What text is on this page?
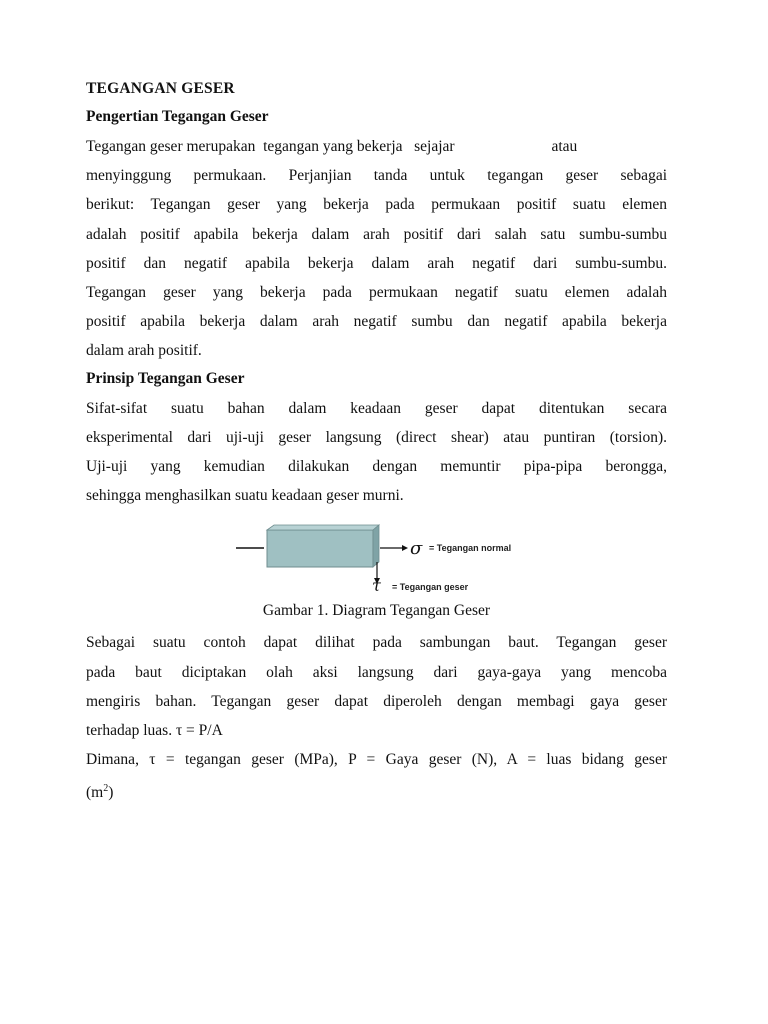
TEGANGAN GESER
Pengertian Tegangan Geser

Tegangan geser merupakan  tegangan yang bekerja   sejajar                         atau
menyinggung permukaan. Perjanjian tanda untuk tegangan geser sebagai
berikut: Tegangan geser yang bekerja pada permukaan positif suatu elemen
adalah positif apabila bekerja dalam arah positif dari salah satu sumbu-sumbu
positif dan negatif apabila bekerja dalam arah negatif dari sumbu-sumbu.
Tegangan geser yang bekerja pada permukaan negatif suatu elemen adalah
positif apabila bekerja dalam arah negatif sumbu dan negatif apabila bekerja
dalam arah positif.

Prinsip Tegangan Geser

Sifat-sifat suatu bahan dalam keadaan geser dapat ditentukan secara
eksperimental dari uji-uji geser langsung (direct shear) atau puntiran (torsion).
Uji-uji yang kemudian dilakukan dengan memuntir pipa-pipa berongga,
sehingga menghasilkan suatu keadaan geser murni.

σ = Tegangan normal
τ = Tegangan geser
Gambar 1. Diagram Tegangan Geser

Sebagai suatu contoh dapat dilihat pada sambungan baut. Tegangan geser
pada baut diciptakan olah aksi langsung dari gaya-gaya yang mencoba
mengiris bahan. Tegangan geser dapat diperoleh dengan membagi gaya geser
terhadap luas. τ = P/A
Dimana, τ = tegangan geser (MPa), P = Gaya geser (N), A = luas bidang geser
$(m^2)$
